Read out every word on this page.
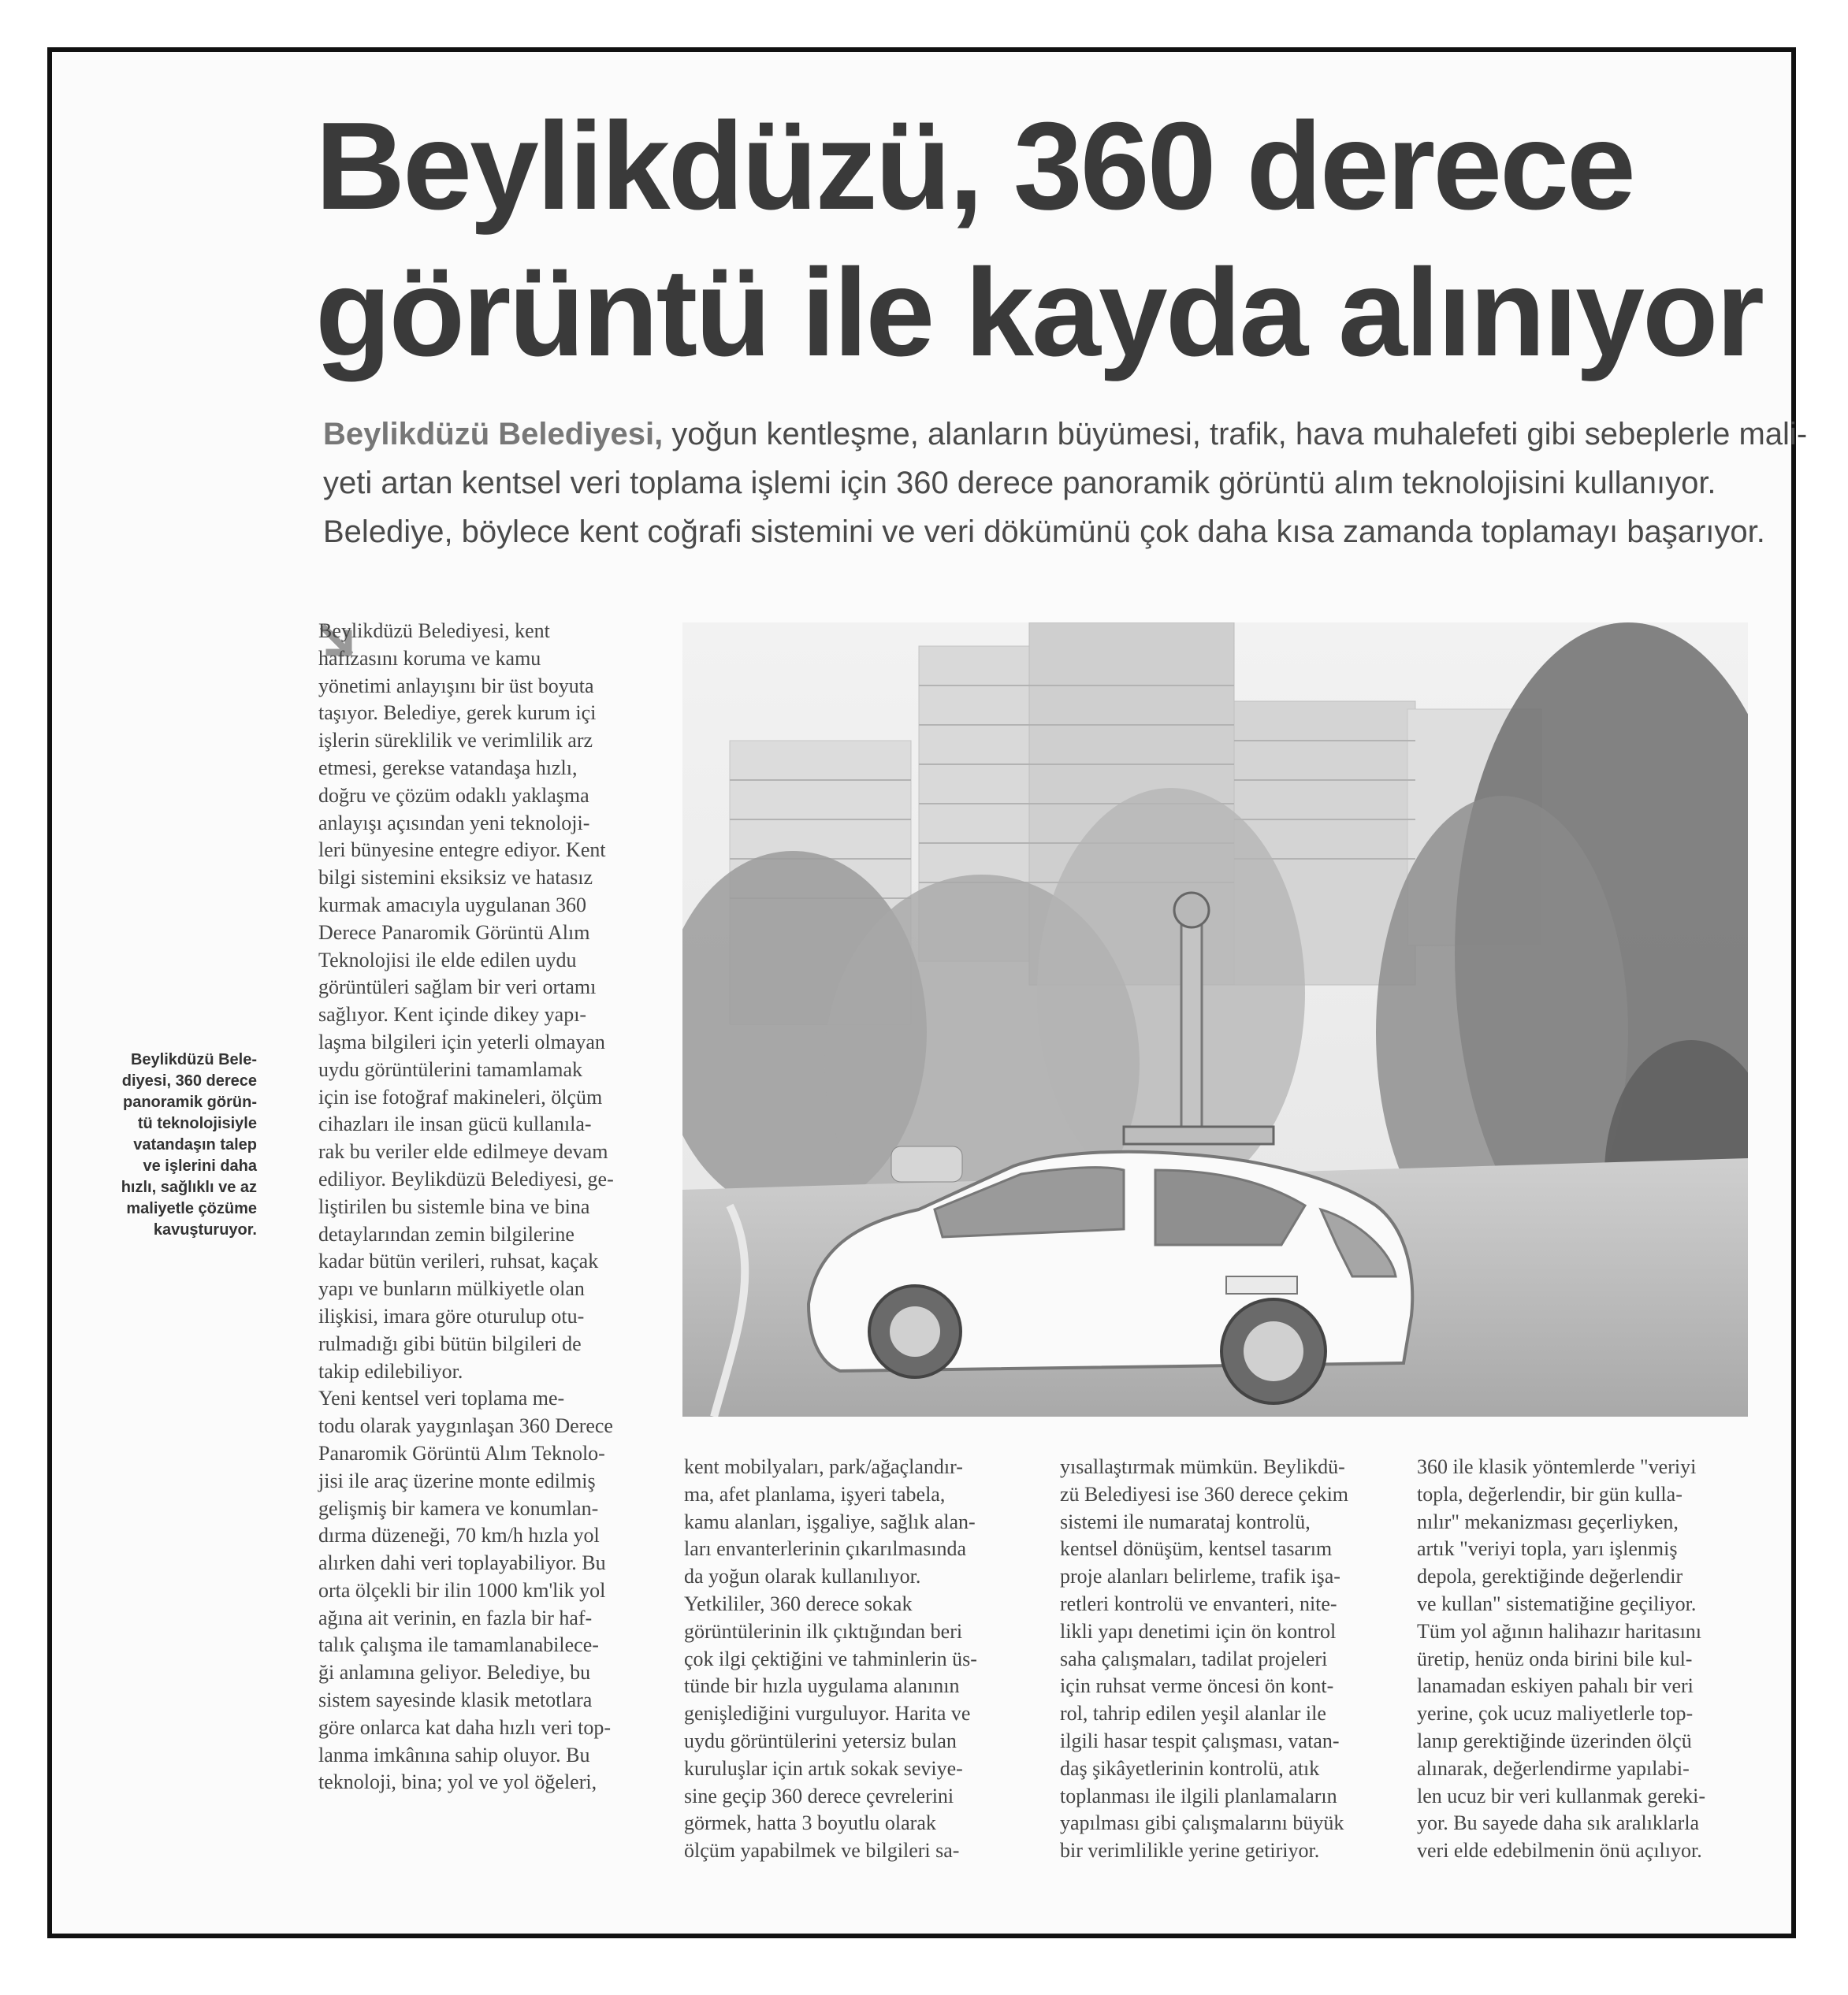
Beylikdüzü, 360 derece
görüntü ile kayda alınıyor
Beylikdüzü Belediyesi, yoğun kentleşme, alanların büyümesi, trafik, hava muhalefeti gibi sebeplerle mali-
yeti artan kentsel veri toplama işlemi için 360 derece panoramik görüntü alım teknolojisini kullanıyor.
Belediye, böylece kent coğrafi sistemini ve veri dökümünü çok daha kısa zamanda toplamayı başarıyor.
Beylikdüzü Bele-
diyesi, 360 derece
panoramik görün-
tü teknolojisiyle
vatandaşın talep
ve işlerini daha
hızlı, sağlıklı ve az
maliyetle çözüme
kavuşturuyor.
Beylikdüzü Belediyesi, kent
hafızasını koruma ve kamu
yönetimi anlayışını bir üst boyuta
taşıyor. Belediye, gerek kurum içi
işlerin süreklilik ve verimlilik arz
etmesi, gerekse vatandaşa hızlı,
doğru ve çözüm odaklı yaklaşma
anlayışı açısından yeni teknoloji-
leri bünyesine entegre ediyor. Kent
bilgi sistemini eksiksiz ve hatasız
kurmak amacıyla uygulanan 360
Derece Panaromik Görüntü Alım
Teknolojisi ile elde edilen uydu
görüntüleri sağlam bir veri ortamı
sağlıyor. Kent içinde dikey yapı-
laşma bilgileri için yeterli olmayan
uydu görüntülerini tamamlamak
için ise fotoğraf makineleri, ölçüm
cihazları ile insan gücü kullanıla-
rak bu veriler elde edilmeye devam
ediliyor. Beylikdüzü Belediyesi, ge-
liştirilen bu sistemle bina ve bina
detaylarından zemin bilgilerine
kadar bütün verileri, ruhsat, kaçak
yapı ve bunların mülkiyetle olan
ilişkisi, imara göre oturulup otu-
rulmadığı gibi bütün bilgileri de
takip edilebiliyor.
Yeni kentsel veri toplama me-
todu olarak yaygınlaşan 360 Derece
Panaromik Görüntü Alım Teknolo-
jisi ile araç üzerine monte edilmiş
gelişmiş bir kamera ve konumlan-
dırma düzeneği, 70 km/h hızla yol
alırken dahi veri toplayabiliyor. Bu
orta ölçekli bir ilin 1000 km'lik yol
ağına ait verinin, en fazla bir haf-
talık çalışma ile tamamlanabilece-
ği anlamına geliyor. Belediye, bu
sistem sayesinde klasik metotlara
göre onlarca kat daha hızlı veri top-
lanma imkânına sahip oluyor. Bu
teknoloji, bina; yol ve yol öğeleri,
kent mobilyaları, park/ağaçlandır-
ma, afet planlama, işyeri tabela,
kamu alanları, işgaliye, sağlık alan-
ları envanterlerinin çıkarılmasında
da yoğun olarak kullanılıyor.
Yetkililer, 360 derece sokak
görüntülerinin ilk çıktığından beri
çok ilgi çektiğini ve tahminlerin üs-
tünde bir hızla uygulama alanının
genişlediğini vurguluyor. Harita ve
uydu görüntülerini yetersiz bulan
kuruluşlar için artık sokak seviye-
sine geçip 360 derece çevrelerini
görmek, hatta 3 boyutlu olarak
ölçüm yapabilmek ve bilgileri sa-
yısallaştırmak mümkün. Beylikdü-
zü Belediyesi ise 360 derece çekim
sistemi ile numarataj kontrolü,
kentsel dönüşüm, kentsel tasarım
proje alanları belirleme, trafik işa-
retleri kontrolü ve envanteri, nite-
likli yapı denetimi için ön kontrol
saha çalışmaları, tadilat projeleri
için ruhsat verme öncesi ön kont-
rol, tahrip edilen yeşil alanlar ile
ilgili hasar tespit çalışması, vatan-
daş şikâyetlerinin kontrolü, atık
toplanması ile ilgili planlamaların
yapılması gibi çalışmalarını büyük
bir verimlilikle yerine getiriyor.
360 ile klasik yöntemlerde "veriyi
topla, değerlendir, bir gün kulla-
nılır" mekanizması geçerliyken,
artık "veriyi topla, yarı işlenmiş
depola, gerektiğinde değerlendir
ve kullan" sistematiğine geçiliyor.
Tüm yol ağının halihazır haritasını
üretip, henüz onda birini bile kul-
lanamadan eskiyen pahalı bir veri
yerine, çok ucuz maliyetlerle top-
lanıp gerektiğinde üzerinden ölçü
alınarak, değerlendirme yapılabi-
len ucuz bir veri kullanmak gereki-
yor. Bu sayede daha sık aralıklarla
veri elde edebilmenin önü açılıyor.
